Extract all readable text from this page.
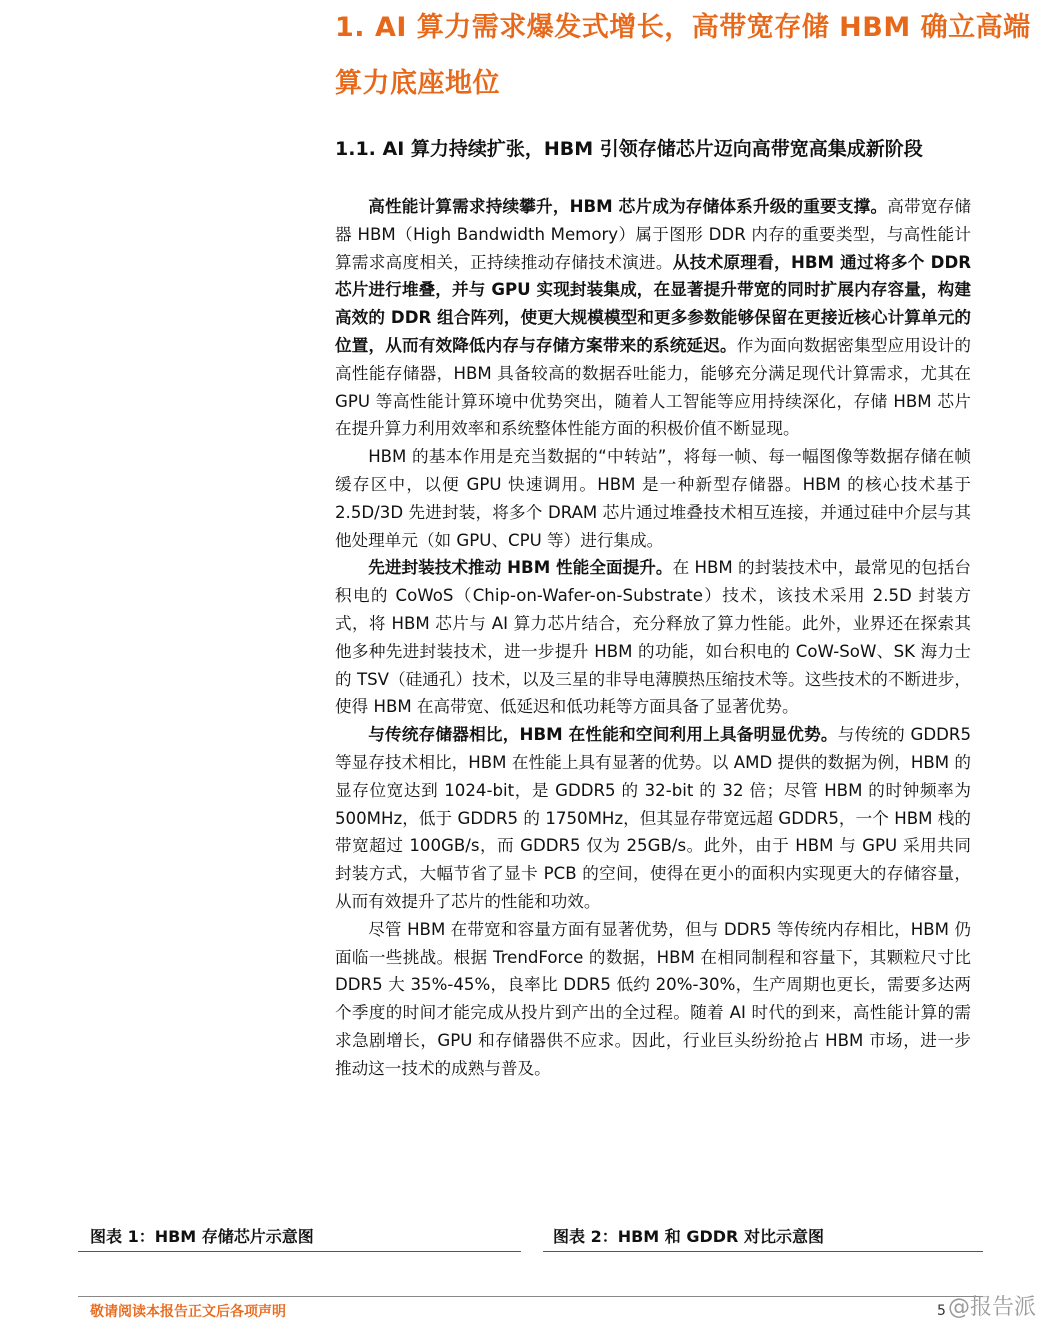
1. AI 算力需求爆发式增长，高带宽存储 HBM 确立高端
算力底座地位
1.1. AI 算力持续扩张，HBM 引领存储芯片迈向高带宽高集成新阶段

高性能计算需求持续攀升，HBM 芯片成为存储体系升级的重要支撑。高带宽存储器 HBM（High Bandwidth Memory）属于图形 DDR 内存的重要类型，与高性能计算需求高度相关，正持续推动存储技术演进。从技术原理看，HBM 通过将多个 DDR 芯片进行堆叠，并与 GPU 实现封装集成，在显著提升带宽的同时扩展内存容量，构建高效的 DDR 组合阵列，使更大规模模型和更多参数能够保留在更接近核心计算单元的位置，从而有效降低内存与存储方案带来的系统延迟。作为面向数据密集型应用设计的高性能存储器，HBM 具备较高的数据吞吐能力，能够充分满足现代计算需求，尤其在 GPU 等高性能计算环境中优势突出，随着人工智能等应用持续深化，存储 HBM 芯片在提升算力利用效率和系统整体性能方面的积极价值不断显现。

HBM 的基本作用是充当数据的“中转站”，将每一帧、每一幅图像等数据存储在帧缓存区中，以便 GPU 快速调用。HBM 是一种新型存储器。HBM 的核心技术基于 2.5D/3D 先进封装，将多个 DRAM 芯片通过堆叠技术相互连接，并通过硅中介层与其他处理单元（如 GPU、CPU 等）进行集成。

先进封装技术推动 HBM 性能全面提升。在 HBM 的封装技术中，最常见的包括台积电的 CoWoS（Chip-on-Wafer-on-Substrate）技术，该技术采用 2.5D 封装方式，将 HBM 芯片与 AI 算力芯片结合，充分释放了算力性能。此外，业界还在探索其他多种先进封装技术，进一步提升 HBM 的功能，如台积电的 CoW-SoW、SK 海力士的 TSV（硅通孔）技术，以及三星的非导电薄膜热压缩技术等。这些技术的不断进步，使得 HBM 在高带宽、低延迟和低功耗等方面具备了显著优势。

与传统存储器相比，HBM 在性能和空间利用上具备明显优势。与传统的 GDDR5 等显存技术相比，HBM 在性能上具有显著的优势。以 AMD 提供的数据为例，HBM 的显存位宽达到 1024-bit，是 GDDR5 的 32-bit 的 32 倍；尽管 HBM 的时钟频率为 500MHz，低于 GDDR5 的 1750MHz，但其显存带宽远超 GDDR5，一个 HBM 栈的带宽超过 100GB/s，而 GDDR5 仅为 25GB/s。此外，由于 HBM 与 GPU 采用共同封装方式，大幅节省了显卡 PCB 的空间，使得在更小的面积内实现更大的存储容量，从而有效提升了芯片的性能和功效。

尽管 HBM 在带宽和容量方面有显著优势，但与 DDR5 等传统内存相比，HBM 仍面临一些挑战。根据 TrendForce 的数据，HBM 在相同制程和容量下，其颗粒尺寸比 DDR5 大 35%-45%，良率比 DDR5 低约 20%-30%，生产周期也更长，需要多达两个季度的时间才能完成从投片到产出的全过程。随着 AI 时代的到来，高性能计算的需求急剧增长，GPU 和存储器供不应求。因此，行业巨头纷纷抢占 HBM 市场，进一步推动这一技术的成熟与普及。

图表 1：HBM 存储芯片示意图	图表 2：HBM 和 GDDR 对比示意图
敬请阅读本报告正文后各项声明	5 @报告派
